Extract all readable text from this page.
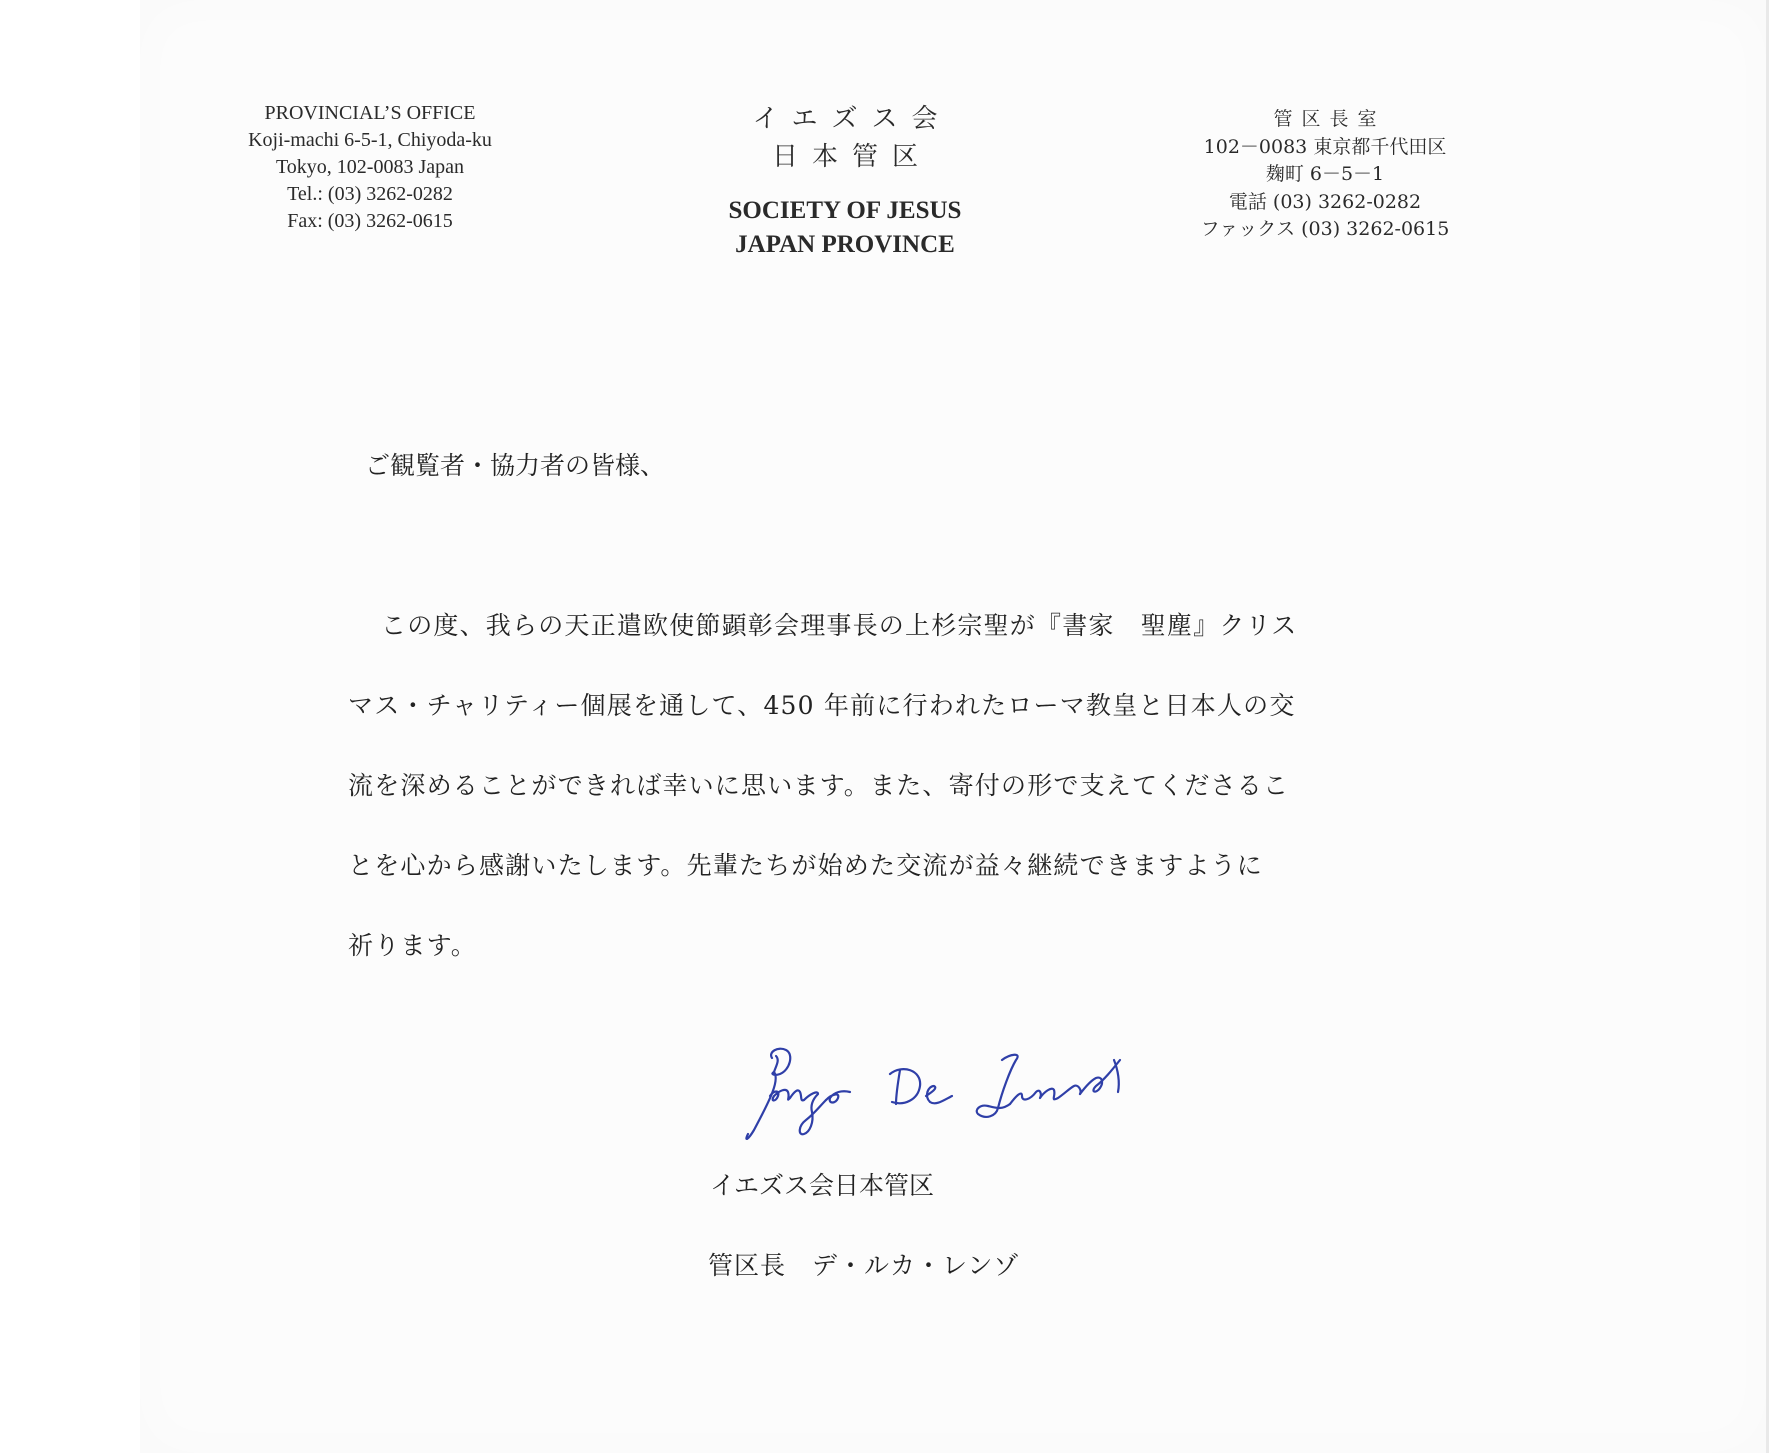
PROVINCIAL’S OFFICE
Koji-machi 6-5-1, Chiyoda-ku
Tokyo, 102-0083 Japan
Tel.: (03) 3262-0282
Fax: (03) 3262-0615
イエズス会
日本管区
SOCIETY OF JESUS
JAPAN PROVINCE
管区長室
102－0083 東京都千代田区
麹町 6－5－1
電話 (03) 3262-0282
ファックス (03) 3262-0615
ご観覧者・協力者の皆様、
この度、我らの天正遣欧使節顕彰会理事長の上杉宗聖が『書家　聖塵』クリス
マス・チャリティー個展を通して、450 年前に行われたローマ教皇と日本人の交
流を深めることができれば幸いに思います。また、寄付の形で支えてくださるこ
とを心から感謝いたします。先輩たちが始めた交流が益々継続できますように
祈ります。
イエズス会日本管区
管区長　デ・ルカ・レンゾ
